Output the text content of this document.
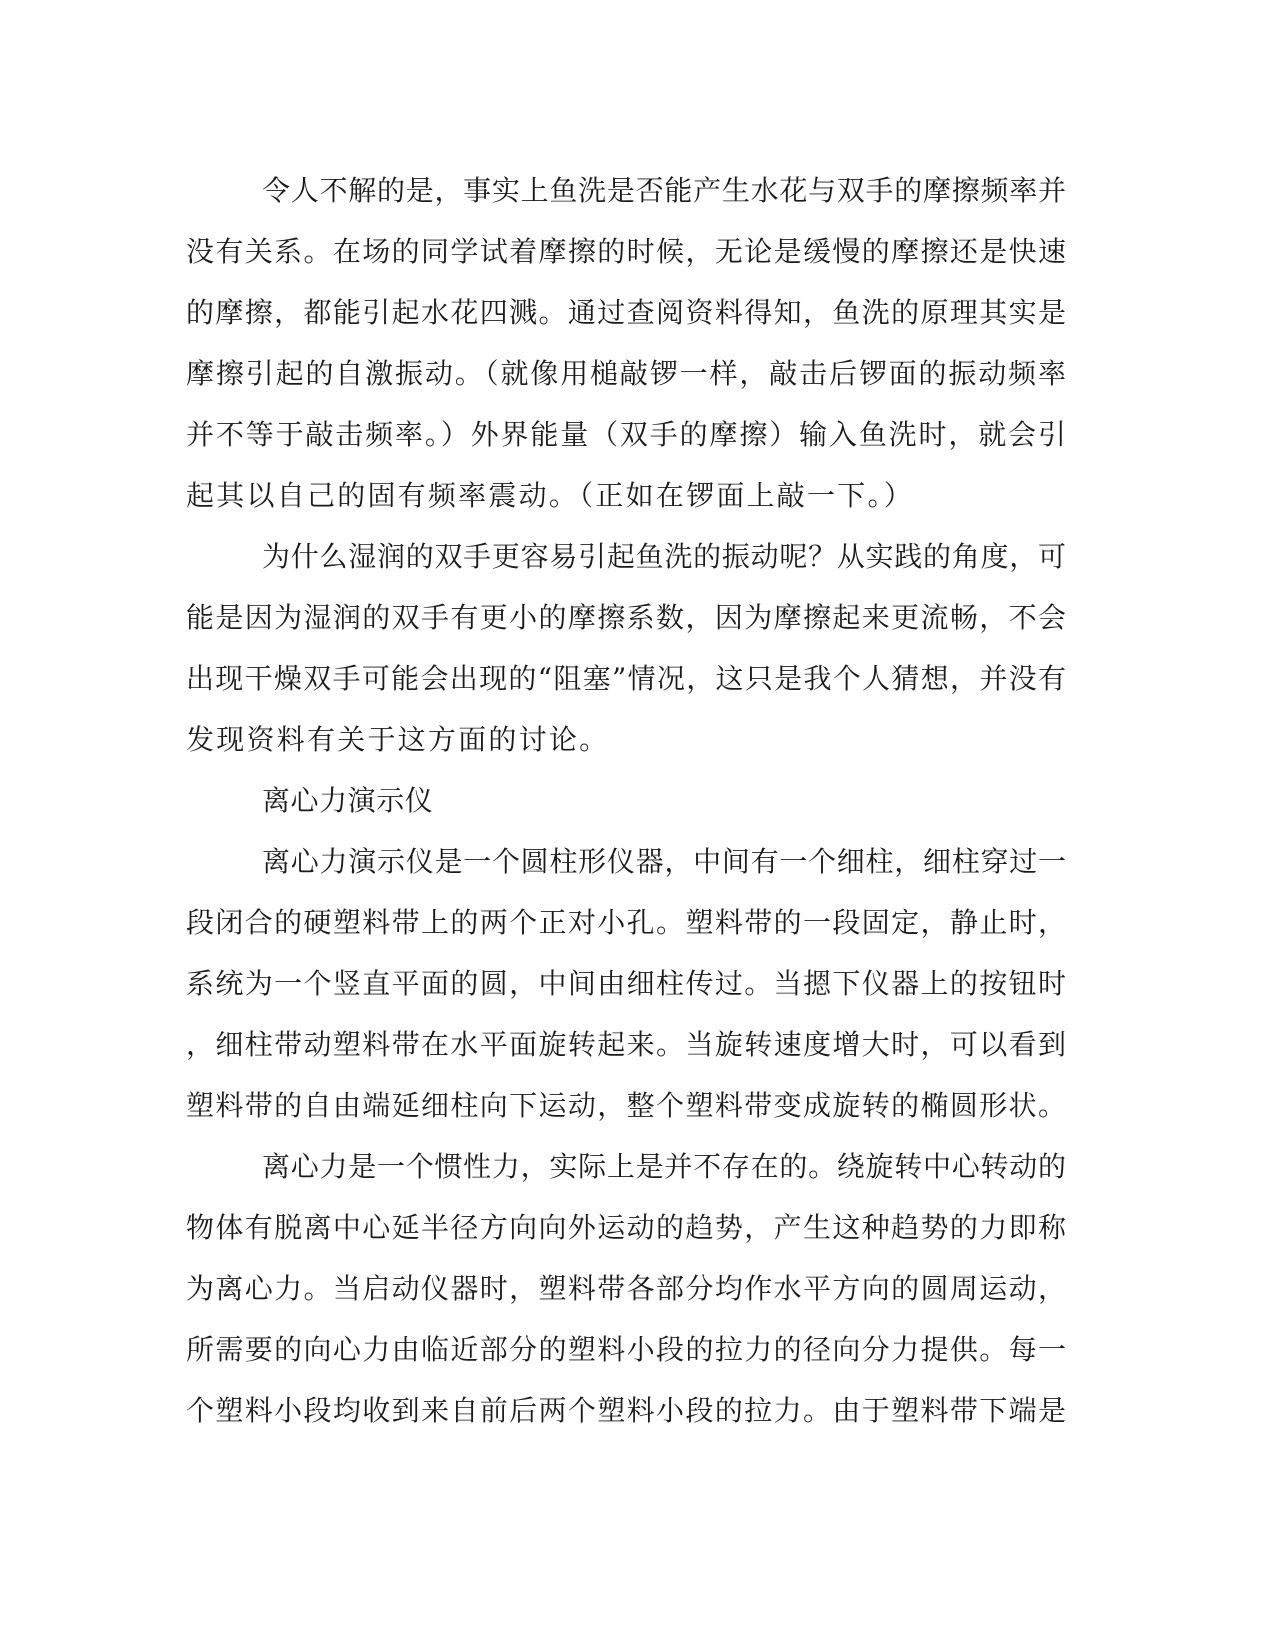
令人不解的是，事实上鱼洗是否能产生水花与双手的摩擦频率并
没有关系。在场的同学试着摩擦的时候，无论是缓慢的摩擦还是快速
的摩擦，都能引起水花四溅。通过查阅资料得知，鱼洗的原理其实是
摩擦引起的自激振动。（就像用槌敲锣一样，敲击后锣面的振动频率
并不等于敲击频率。）外界能量（双手的摩擦）输入鱼洗时，就会引
起其以自己的固有频率震动。（正如在锣面上敲一下。）
为什么湿润的双手更容易引起鱼洗的振动呢？从实践的角度，可
能是因为湿润的双手有更小的摩擦系数，因为摩擦起来更流畅，不会
出现干燥双手可能会出现的“阻塞”情况，这只是我个人猜想，并没有
发现资料有关于这方面的讨论。
离心力演示仪
离心力演示仪是一个圆柱形仪器，中间有一个细柱，细柱穿过一
段闭合的硬塑料带上的两个正对小孔。塑料带的一段固定，静止时，
系统为一个竖直平面的圆，中间由细柱传过。当摁下仪器上的按钮时
，细柱带动塑料带在水平面旋转起来。当旋转速度增大时，可以看到
塑料带的自由端延细柱向下运动，整个塑料带变成旋转的椭圆形状。
离心力是一个惯性力，实际上是并不存在的。绕旋转中心转动的
物体有脱离中心延半径方向向外运动的趋势，产生这种趋势的力即称
为离心力。当启动仪器时，塑料带各部分均作水平方向的圆周运动，
所需要的向心力由临近部分的塑料小段的拉力的径向分力提供。每一
个塑料小段均收到来自前后两个塑料小段的拉力。由于塑料带下端是
